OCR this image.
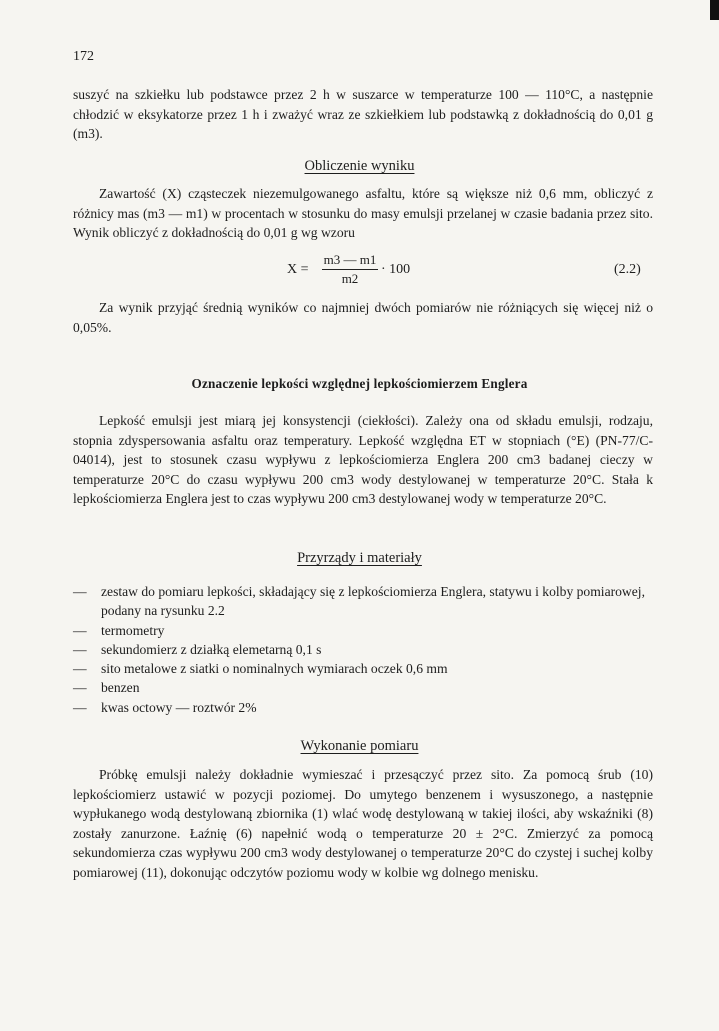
172
suszyć na szkiełku lub podstawce przez 2 h w suszarce w temperaturze 100 — 110°C, a następnie chłodzić w eksykatorze przez 1 h i zważyć wraz ze szkiełkiem lub podstawką z dokładnością do 0,01 g (m3).
Obliczenie wyniku
Zawartość (X) cząsteczek niezemulgowanego asfaltu, które są większe niż 0,6 mm, obliczyć z różnicy mas (m3 — m1) w procentach w stosunku do masy emulsji przelanej w czasie badania przez sito. Wynik obliczyć z dokładnością do 0,01 g wg wzoru
X =
m3 — m1
m2
· 100	(2.2)
Za wynik przyjąć średnią wyników co najmniej dwóch pomiarów nie różniących się więcej niż o 0,05%.
Oznaczenie lepkości względnej lepkościomierzem Englera
Lepkość emulsji jest miarą jej konsystencji (ciekłości). Zależy ona od składu emulsji, rodzaju, stopnia zdyspersowania asfaltu oraz temperatury. Lepkość względna ET w stopniach (°E) (PN-77/C-04014), jest to stosunek czasu wypływu z lepkościomierza Englera 200 cm3 badanej cieczy w temperaturze 20°C do czasu wypływu 200 cm3 wody destylowanej w temperaturze 20°C. Stała k lepkościomierza Englera jest to czas wypływu 200 cm3 destylowanej wody w temperaturze 20°C.
Przyrządy i materiały
— zestaw do pomiaru lepkości, składający się z lepkościomierza Englera, statywu i kolby pomiarowej, podany na rysunku 2.2
— termometry
— sekundomierz z działką elemetarną 0,1 s
— sito metalowe z siatki o nominalnych wymiarach oczek 0,6 mm
— benzen
— kwas octowy — roztwór 2%
Wykonanie pomiaru
Próbkę emulsji należy dokładnie wymieszać i przesączyć przez sito. Za pomocą śrub (10) lepkościomierz ustawić w pozycji poziomej. Do umytego benzenem i wysuszonego, a następnie wypłukanego wodą destylowaną zbiornika (1) wlać wodę destylowaną w takiej ilości, aby wskaźniki (8) zostały zanurzone. Łaźnię (6) napełnić wodą o temperaturze 20 ± 2°C. Zmierzyć za pomocą sekundomierza czas wypływu 200 cm3 wody destylowanej o temperaturze 20°C do czystej i suchej kolby pomiarowej (11), dokonując odczytów poziomu wody w kolbie wg dolnego menisku.
